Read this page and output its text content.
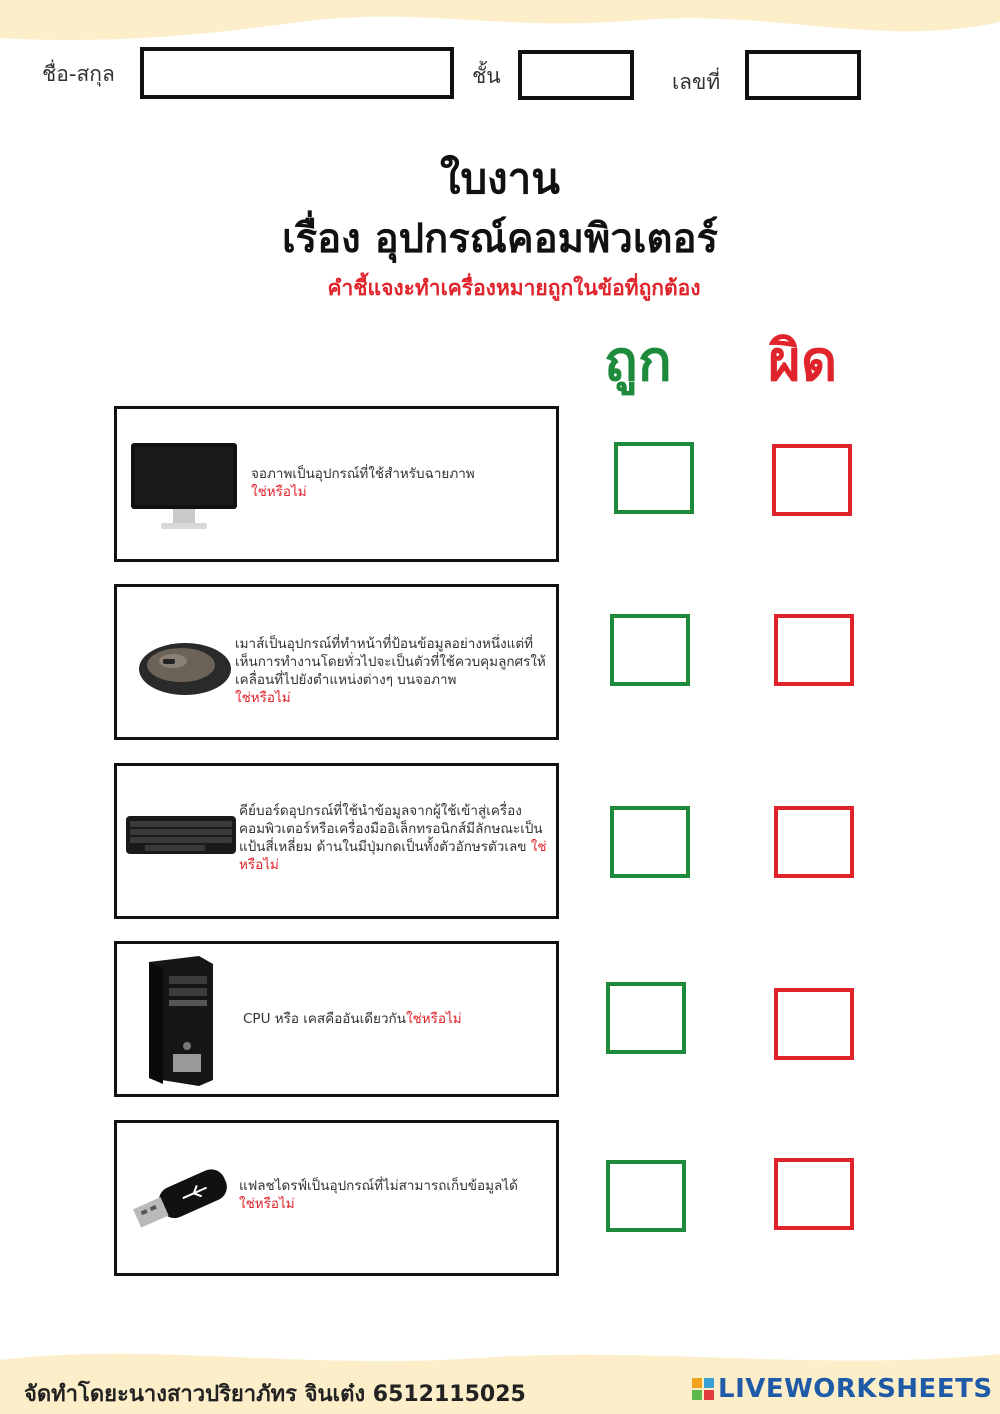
ชื่อ-สกุล	ชั้น	เลขที่
ใบงาน
เรื่อง อุปกรณ์คอมพิวเตอร์
คำชี้แจงะทำเครื่องหมายถูกในข้อที่ถูกต้อง
ถูก ผิด
จอภาพเป็นอุปกรณ์ที่ใช้สำหรับฉายภาพ
ใช่หรือไม่
เมาส์เป็นอุปกรณ์ที่ทำหน้าที่ป้อนข้อมูลอย่างหนึ่งแต่ที่เห็นการทำงานโดยทั่วไปจะเป็นตัวที่ใช้ควบคุมลูกศรให้เคลื่อนที่ไปยังตำแหน่งต่างๆ บนจอภาพ
ใช่หรือไม่
คีย์บอร์ดอุปกรณ์ที่ใช้นำข้อมูลจากผู้ใช้เข้าสู่เครื่องคอมพิวเตอร์หรือเครื่องมืออิเล็กทรอนิกส์มีลักษณะเป็นแป้นสี่เหลี่ยม ด้านในมีปุ่มกดเป็นทั้งตัวอักษรตัวเลข ใช่หรือไม่
CPU หรือ เคสคืออันเดียวกันใช่หรือไม่
แฟลชไดรฟ์เป็นอุปกรณ์ที่ไม่สามารถเก็บข้อมูลได้
ใช่หรือไม่
จัดทำโดยะนางสาวปริยาภัทร จินเต๋ง 6512115025	LIVEWORKSHEETS
